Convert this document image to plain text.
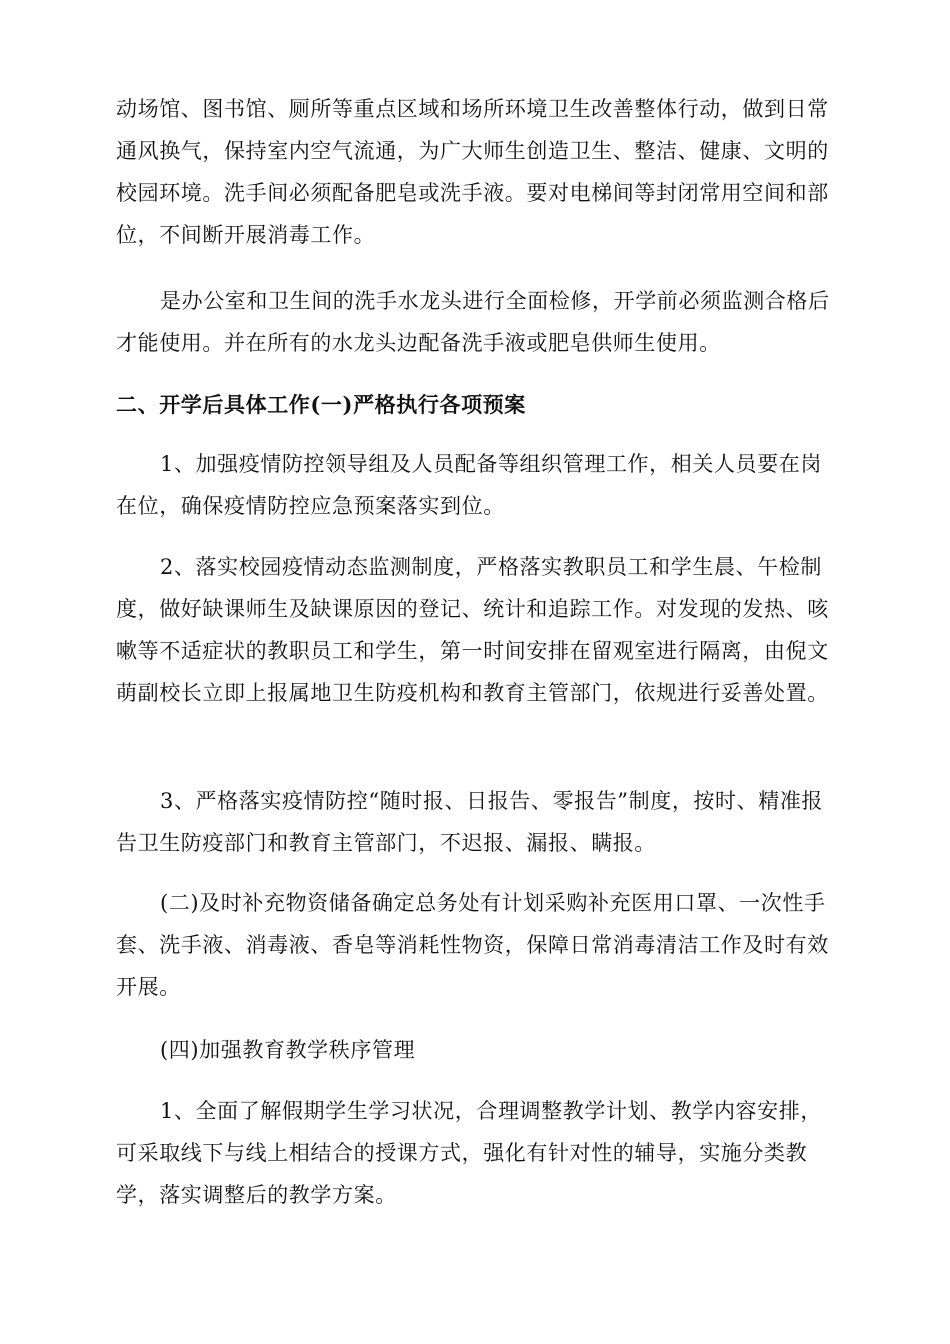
动场馆、图书馆、厕所等重点区域和场所环境卫生改善整体行动，做到日常通风换气，保持室内空气流通，为广大师生创造卫生、整洁、健康、文明的校园环境。洗手间必须配备肥皂或洗手液。要对电梯间等封闭常用空间和部位，不间断开展消毒工作。

是办公室和卫生间的洗手水龙头进行全面检修，开学前必须监测合格后才能使用。并在所有的水龙头边配备洗手液或肥皂供师生使用。

二、开学后具体工作(一)严格执行各项预案

1、加强疫情防控领导组及人员配备等组织管理工作，相关人员要在岗在位，确保疫情防控应急预案落实到位。

2、落实校园疫情动态监测制度，严格落实教职员工和学生晨、午检制度，做好缺课师生及缺课原因的登记、统计和追踪工作。对发现的发热、咳嗽等不适症状的教职员工和学生，第一时间安排在留观室进行隔离，由倪文萌副校长立即上报属地卫生防疫机构和教育主管部门，依规进行妥善处置。

3、严格落实疫情防控“随时报、日报告、零报告”制度，按时、精准报告卫生防疫部门和教育主管部门，不迟报、漏报、瞒报。

(二)及时补充物资储备确定总务处有计划采购补充医用口罩、一次性手套、洗手液、消毒液、香皂等消耗性物资，保障日常消毒清洁工作及时有效开展。

(四)加强教育教学秩序管理

1、全面了解假期学生学习状况，合理调整教学计划、教学内容安排，可采取线下与线上相结合的授课方式，强化有针对性的辅导，实施分类教学，落实调整后的教学方案。
